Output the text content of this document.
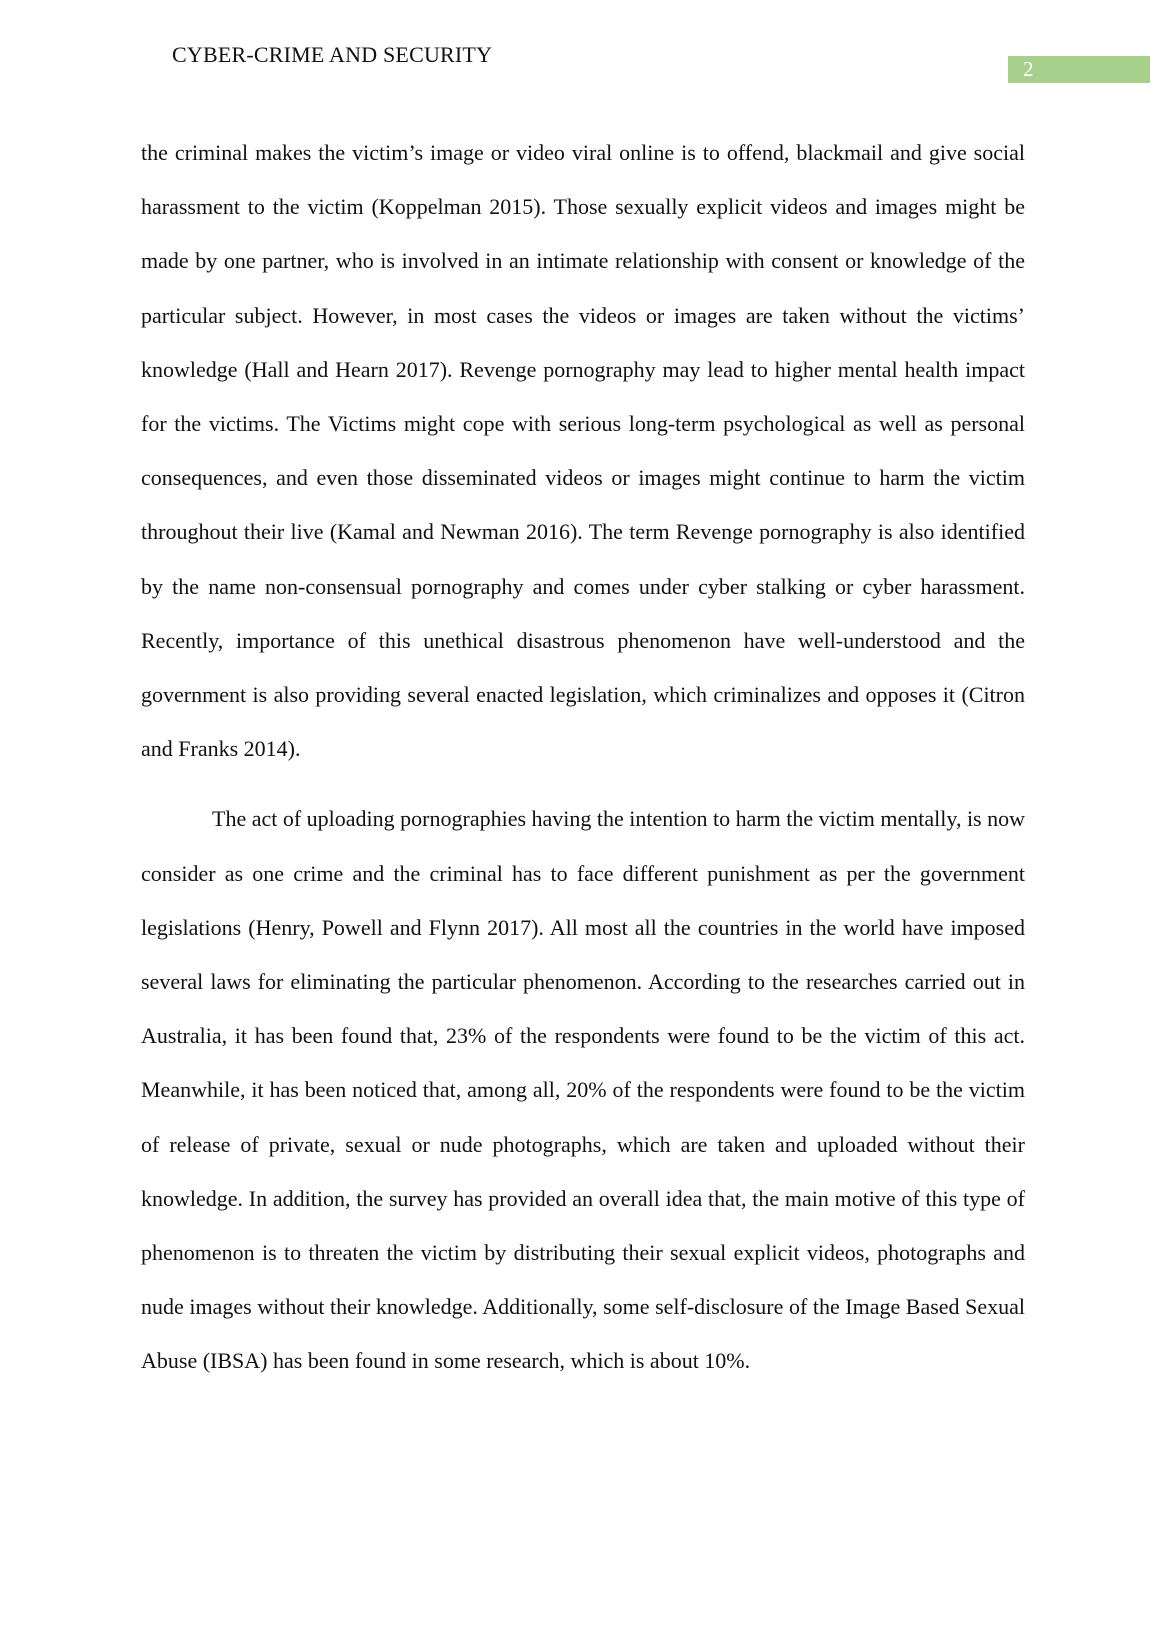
CYBER-CRIME AND SECURITY
2

the criminal makes the victim’s image or video viral online is to offend, blackmail and give social harassment to the victim (Koppelman 2015). Those sexually explicit videos and images might be made by one partner, who is involved in an intimate relationship with consent or knowledge of the particular subject. However, in most cases the videos or images are taken without the victims’ knowledge (Hall and Hearn 2017). Revenge pornography may lead to higher mental health impact for the victims. The Victims might cope with serious long-term psychological as well as personal consequences, and even those disseminated videos or images might continue to harm the victim throughout their live (Kamal and Newman 2016). The term Revenge pornography is also identified by the name non-consensual pornography and comes under cyber stalking or cyber harassment. Recently, importance of this unethical disastrous phenomenon have well-understood and the government is also providing several enacted legislation, which criminalizes and opposes it (Citron and Franks 2014).

The act of uploading pornographies having the intention to harm the victim mentally, is now consider as one crime and the criminal has to face different punishment as per the government legislations (Henry, Powell and Flynn 2017). All most all the countries in the world have imposed several laws for eliminating the particular phenomenon. According to the researches carried out in Australia, it has been found that, 23% of the respondents were found to be the victim of this act. Meanwhile, it has been noticed that, among all, 20% of the respondents were found to be the victim of release of private, sexual or nude photographs, which are taken and uploaded without their knowledge. In addition, the survey has provided an overall idea that, the main motive of this type of phenomenon is to threaten the victim by distributing their sexual explicit videos, photographs and nude images without their knowledge. Additionally, some self-disclosure of the Image Based Sexual Abuse (IBSA) has been found in some research, which is about 10%.
